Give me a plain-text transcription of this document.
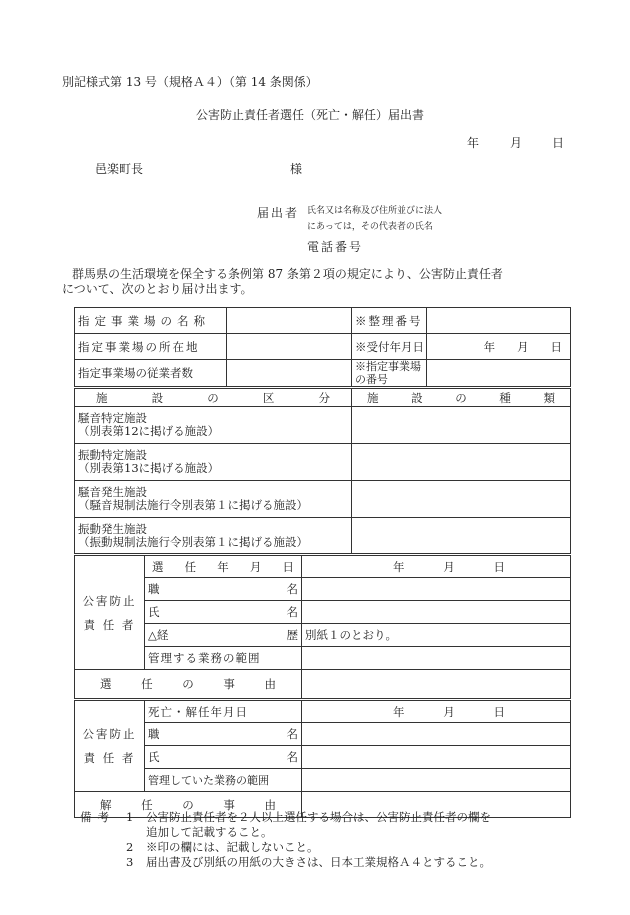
別記様式第 13 号（規格Ａ４）（第 14 条関係）
公害防止責任者選任（死亡・解任）届出書
年	月 日
邑楽町長	様
届出者 氏名又は名称及び住所並びに法人
にあっては，その代表者の氏名
電話番号
群馬県の生活環境を保全する条例第 87 条第２項の規定により、公害防止責任者
について、次のとおり届け出ます。
指定事業場の名称				※整理番号	
指定事業場の所在地				※受付年月日	年 月 日
指定事業場の従業者数				※指定事業場の番号	

施 設 の 区 分				施 設 の 種 類	

騒音特定施設
（別表第12に掲げる施設）					
振動特定施設
（別表第13に掲げる施設）					
騒音発生施設
（騒音規制法施行令別表第１に掲げる施設）					
振動発生施設
（振動規制法施行令別表第１に掲げる施設）					
公害防止
責 任 者	選 任 年 月 日		年 月 日		

	職 名				

	氏 名				

	△経 歴		別紙１のとおり。		
	管理する業務の範囲				

選 任 の 事 由					

公害防止
責 任 者	死亡・解任年月日		年 月 日		

	職 名				

	氏 名				

	管理していた業務の範囲				

解 任 の 事 由					

備考 1 公害防止責任者を２人以上選任する場合は、公害防止責任者の欄を
追加して記載すること。
2 ※印の欄には、記載しないこと。
3 届出書及び別紙の用紙の大きさは、日本工業規格Ａ４とすること。
